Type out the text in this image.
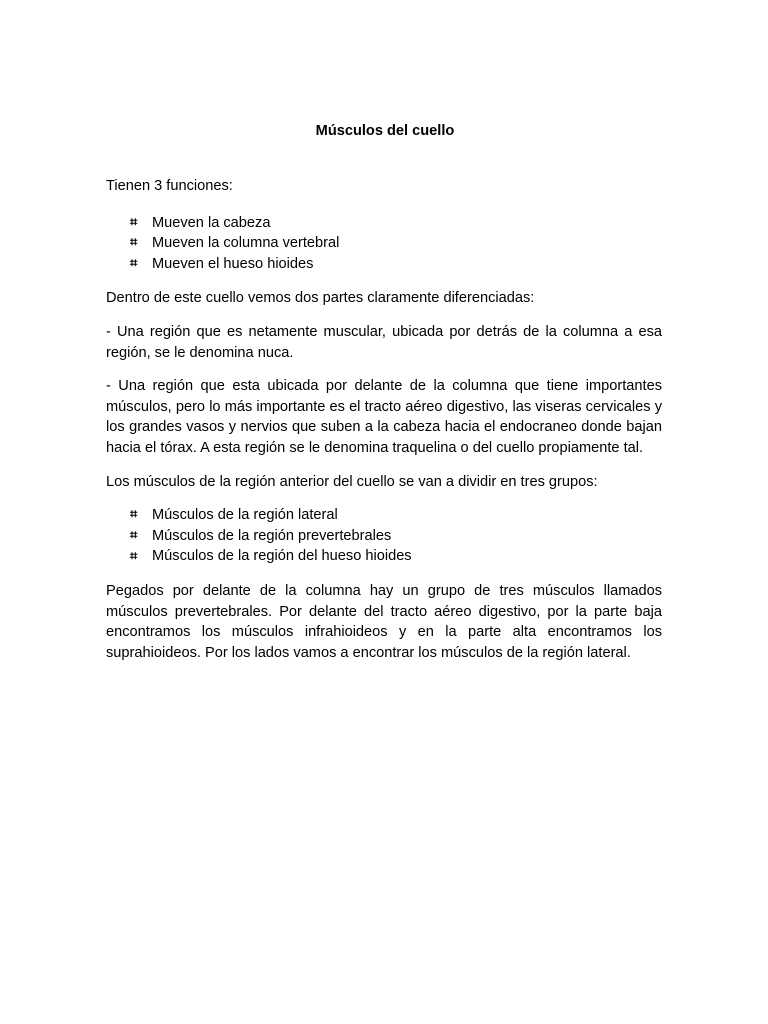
Músculos del cuello

Tienen 3 funciones:

⌗	Mueven la cabeza
⌗	Mueven la columna vertebral
⌗	Mueven el hueso hioides

Dentro de este cuello vemos dos partes claramente diferenciadas:

- Una región que es netamente muscular, ubicada por detrás de la columna a esa región, se le denomina nuca.

- Una región que esta ubicada por delante de la columna que tiene importantes músculos, pero lo más importante es el tracto aéreo digestivo, las viseras cervicales y los grandes vasos y nervios que suben a la cabeza hacia el endocraneo donde bajan hacia el tórax. A esta región se le denomina traquelina o del cuello propiamente tal.

Los músculos de la región anterior del cuello se van a dividir en tres grupos:

⌗	Músculos de la región lateral
⌗	Músculos de la región prevertebrales
⌗	Músculos de la región del hueso hioides

Pegados por delante de la columna hay un grupo de tres músculos llamados músculos prevertebrales. Por delante del tracto aéreo digestivo, por la parte baja encontramos los músculos infrahioideos y en la parte alta encontramos los suprahioideos. Por los lados vamos a encontrar los músculos de la región lateral.
